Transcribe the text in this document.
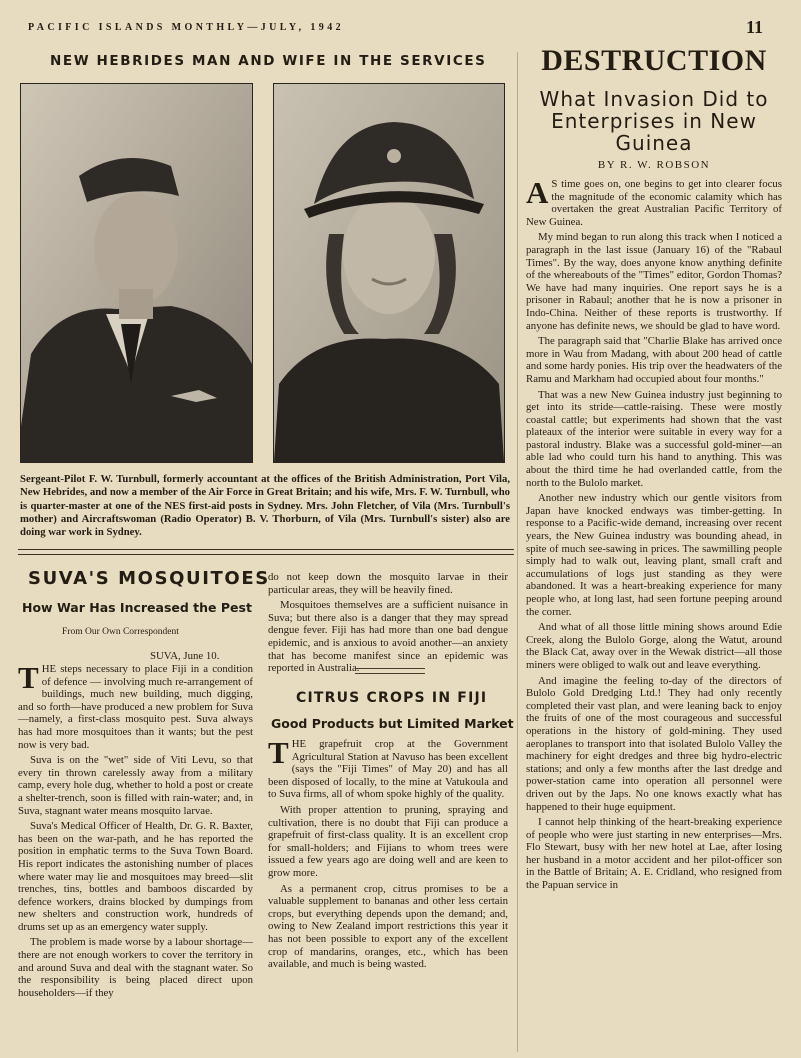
PACIFIC ISLANDS MONTHLY—JULY, 1942	11
NEW HEBRIDES MAN AND WIFE IN THE SERVICES
Sergeant-Pilot F. W. Turnbull, formerly accountant at the offices of the British Administration, Port Vila, New Hebrides, and now a member of the Air Force in Great Britain; and his wife, Mrs. F. W. Turnbull, who is quarter-master at one of the NES first-aid posts in Sydney. Mrs. John Fletcher, of Vila (Mrs. Turnbull's mother) and Aircraftswoman (Radio Operator) B. V. Thorburn, of Vila (Mrs. Turnbull's sister) also are doing war work in Sydney.
SUVA'S MOSQUITOES
How War Has Increased the Pest
From Our Own Correspondent
SUVA, June 10.

THE steps necessary to place Fiji in a condition of defence — involving much re-arrangement of buildings, much new building, much digging, and so forth—have produced a new problem for Suva—namely, a first-class mosquito pest. Suva always has had more mosquitoes than it wants; but the pest now is very bad.

Suva is on the "wet" side of Viti Levu, so that every tin thrown carelessly away from a military camp, every hole dug, whether to hold a post or create a shelter-trench, soon is filled with rain-water; and, in Suva, stagnant water means mosquito larvae.

Suva's Medical Officer of Health, Dr. G. R. Baxter, has been on the war-path, and he has reported the position in emphatic terms to the Suva Town Board. His report indicates the astonishing number of places where water may lie and mosquitoes may breed—slit trenches, tins, bottles and bamboos discarded by defence workers, drains blocked by dumpings from new shelters and construction work, hundreds of drums set up as an emergency water supply.

The problem is made worse by a labour shortage—there are not enough workers to cover the territory in and around Suva and deal with the stagnant water. So the responsibility is being placed direct upon householders—if they

do not keep down the mosquito larvae in their particular areas, they will be heavily fined.

Mosquitoes themselves are a sufficient nuisance in Suva; but there also is a danger that they may spread dengue fever. Fiji has had more than one bad dengue epidemic, and is anxious to avoid another—an anxiety that has become manifest since an epidemic was reported in Australia.

CITRUS CROPS IN FIJI
Good Products but Limited Market

THE grapefruit crop at the Government Agricultural Station at Navuso has been excellent (says the "Fiji Times" of May 20) and has all been disposed of locally, to the mine at Vatukoula and to Suva firms, all of whom spoke highly of the quality.

With proper attention to pruning, spraying and cultivation, there is no doubt that Fiji can produce a grapefruit of first-class quality. It is an excellent crop for small-holders; and Fijians to whom trees were issued a few years ago are doing well and are keen to grow more.

As a permanent crop, citrus promises to be a valuable supplement to bananas and other less certain crops, but everything depends upon the demand; and, owing to New Zealand import restrictions this year it has not been possible to export any of the excellent crop of mandarins, oranges, etc., which has been available, and much is being wasted.

DESTRUCTION
What Invasion Did to Enterprises in New Guinea
BY R. W. ROBSON

A S time goes on, one begins to get into clearer focus the magnitude of the economic calamity which has overtaken the great Australian Pacific Territory of New Guinea.

My mind began to run along this track when I noticed a paragraph in the last issue (January 16) of the "Rabaul Times". By the way, does anyone know anything definite of the whereabouts of the "Times" editor, Gordon Thomas? We have had many inquiries. One report says he is a prisoner in Rabaul; another that he is now a prisoner in Indo-China. Neither of these reports is trustworthy. If anyone has definite news, we should be glad to have word.

The paragraph said that "Charlie Blake has arrived once more in Wau from Madang, with about 200 head of cattle and some hardy ponies. His trip over the headwaters of the Ramu and Markham had occupied about four months."

That was a new New Guinea industry just beginning to get into its stride—cattle-raising. These were mostly coastal cattle; but experiments had shown that the vast plateaux of the interior were suitable in every way for a pastoral industry. Blake was a successful gold-miner—an able lad who could turn his hand to anything. This was about the third time he had overlanded cattle, from the north to the Bulolo market.

Another new industry which our gentle visitors from Japan have knocked endways was timber-getting. In response to a Pacific-wide demand, increasing over recent years, the New Guinea industry was bounding ahead, in spite of much see-sawing in prices. The sawmilling people simply had to walk out, leaving plant, small craft and accumulations of logs just standing as they were abandoned. It was a heart-breaking experience for many people who, at long last, had seen fortune peeping around the corner.

And what of all those little mining shows around Edie Creek, along the Bulolo Gorge, along the Watut, around the Black Cat, away over in the Wewak district—all those miners were obliged to walk out and leave everything.

And imagine the feeling to-day of the directors of Bulolo Gold Dredging Ltd.! They had only recently completed their vast plan, and were leaning back to enjoy the fruits of one of the most courageous and successful operations in the history of gold-mining. They used aeroplanes to transport into that isolated Bulolo Valley the machinery for eight dredges and three big hydro-electric stations; and only a few months after the last dredge and power-station came into operation all personnel were driven out by the Japs. No one knows exactly what has happened to their huge equipment.

I cannot help thinking of the heart-breaking experience of people who were just starting in new enterprises—Mrs. Flo Stewart, busy with her new hotel at Lae, after losing her husband in a motor accident and her pilot-officer son in the Battle of Britain; A. E. Cridland, who resigned from the Papuan service in
